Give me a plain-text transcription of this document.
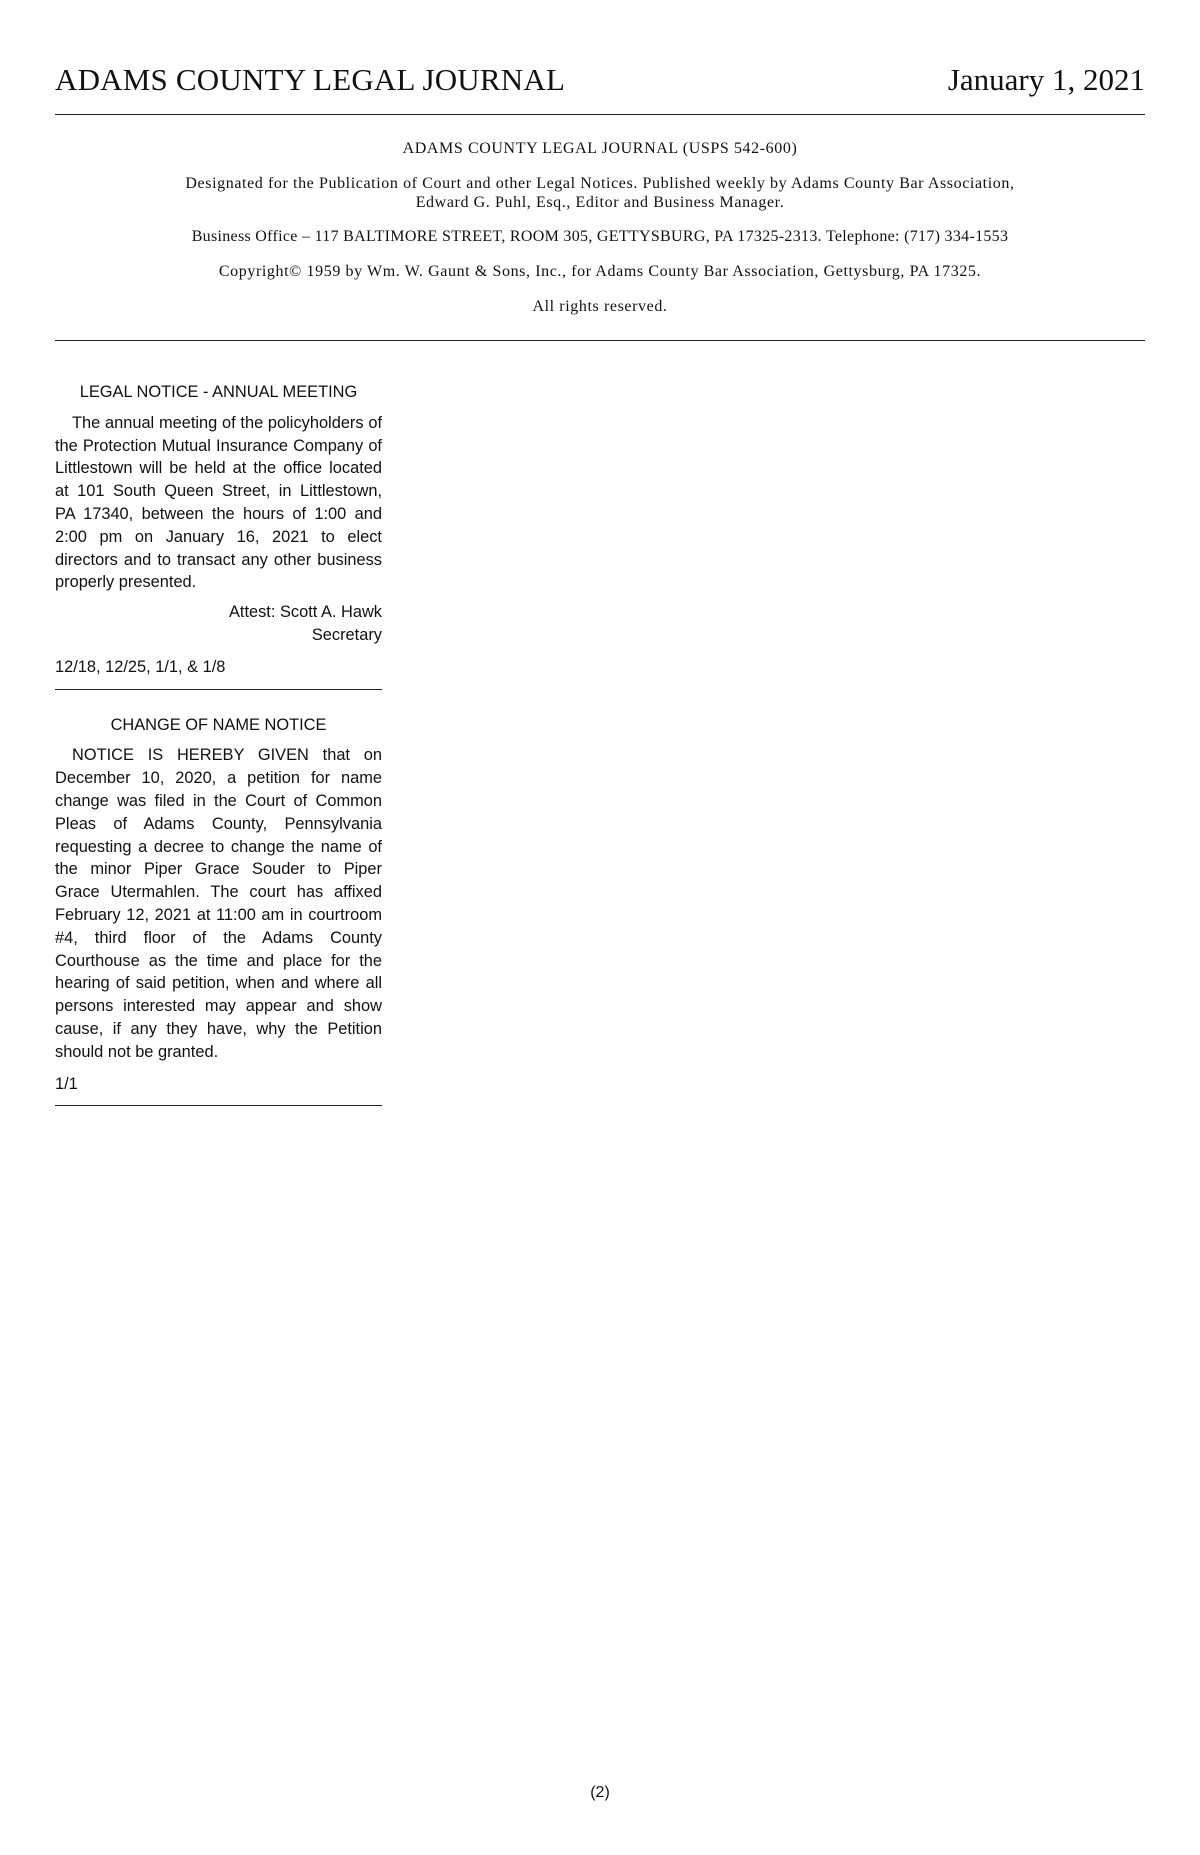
ADAMS COUNTY LEGAL JOURNAL	January 1, 2021

ADAMS COUNTY LEGAL JOURNAL (USPS 542-600)

Designated for the Publication of Court and other Legal Notices. Published weekly by Adams County Bar Association,

Edward G. Puhl, Esq., Editor and Business Manager.

Business Office – 117 BALTIMORE STREET, ROOM 305, GETTYSBURG, PA 17325-2313. Telephone: (717) 334-1553

Copyright© 1959 by Wm. W. Gaunt & Sons, Inc., for Adams County Bar Association, Gettysburg, PA 17325.

All rights reserved.

LEGAL NOTICE - ANNUAL MEETING

The annual meeting of the policyholders of the Protection Mutual Insurance Company of Littlestown will be held at the office located at 101 South Queen Street, in Littlestown, PA 17340, between the hours of 1:00 and 2:00 pm on January 16, 2021 to elect directors and to transact any other business properly presented.

Attest: Scott A. Hawk
Secretary

12/18, 12/25, 1/1, & 1/8

CHANGE OF NAME NOTICE

NOTICE IS HEREBY GIVEN that on December 10, 2020, a petition for name change was filed in the Court of Common Pleas of Adams County, Pennsylvania requesting a decree to change the name of the minor Piper Grace Souder to Piper Grace Utermahlen. The court has affixed February 12, 2021 at 11:00 am in courtroom #4, third floor of the Adams County Courthouse as the time and place for the hearing of said petition, when and where all persons interested may appear and show cause, if any they have, why the Petition should not be granted.

1/1

(2)
